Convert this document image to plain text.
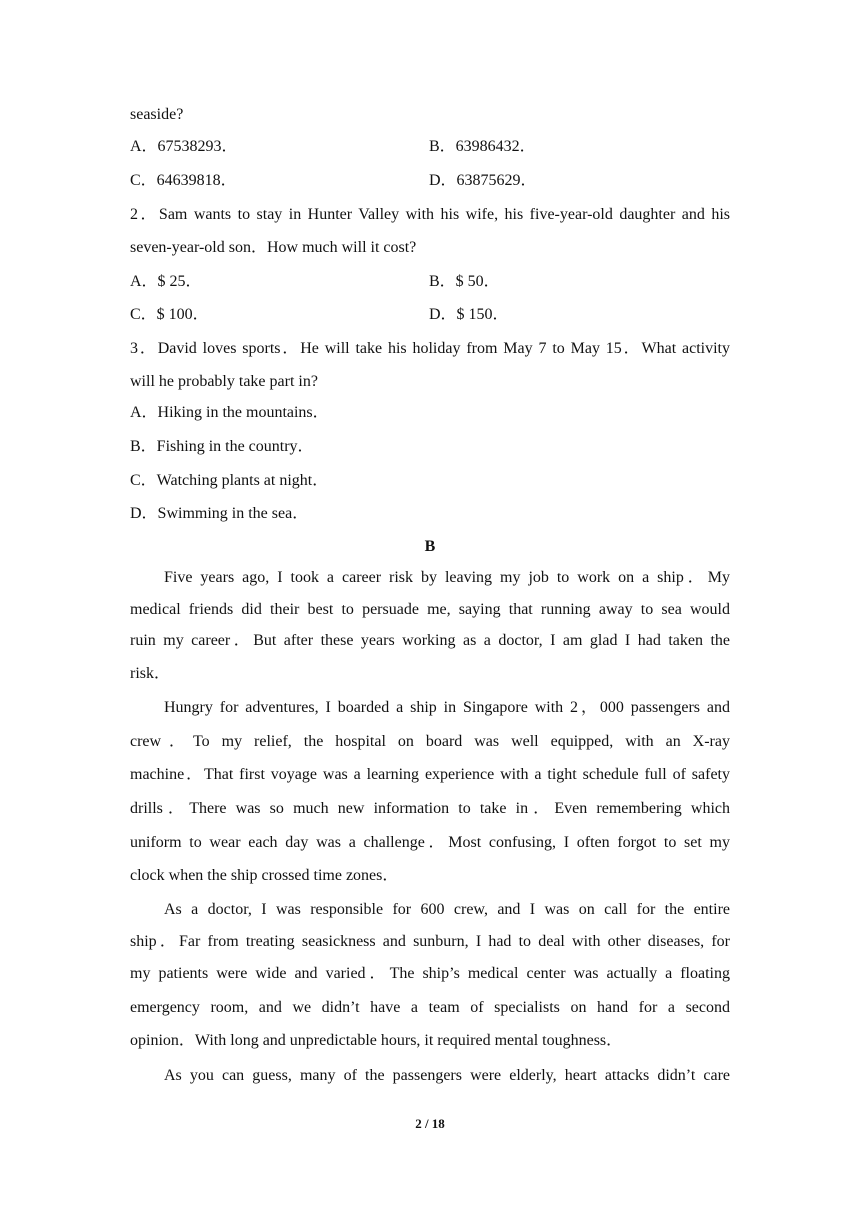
seaside?
A．67538293．	B．63986432．
C．64639818．	D．63875629．
2．Sam wants to stay in Hunter Valley with his wife, his five-year-old daughter and his
seven-year-old son．How much will it cost?
A．$ 25．	B．$ 50．
C．$ 100．	D．$ 150．
3．David loves sports．He will take his holiday from May 7 to May 15．What activity
will he probably take part in?
A．Hiking in the mountains．
B．Fishing in the country．
C．Watching plants at night．
D．Swimming in the sea．
B
Five years ago, I took a career risk by leaving my job to work on a ship．My
medical friends did their best to persuade me, saying that running away to sea would
ruin my career．But after these years working as a doctor, I am glad I had taken the
risk．
Hungry for adventures, I boarded a ship in Singapore with 2，000 passengers and
crew．To my relief, the hospital on board was well equipped, with an X-ray
machine．That first voyage was a learning experience with a tight schedule full of safety
drills．There was so much new information to take in．Even remembering which
uniform to wear each day was a challenge．Most confusing, I often forgot to set my
clock when the ship crossed time zones．
As a doctor, I was responsible for 600 crew, and I was on call for the entire
ship．Far from treating seasickness and sunburn, I had to deal with other diseases, for
my patients were wide and varied．The ship’s medical center was actually a floating
emergency room, and we didn’t have a team of specialists on hand for a second
opinion．With long and unpredictable hours, it required mental toughness．
As you can guess, many of the passengers were elderly, heart attacks didn’t care
2 / 18
